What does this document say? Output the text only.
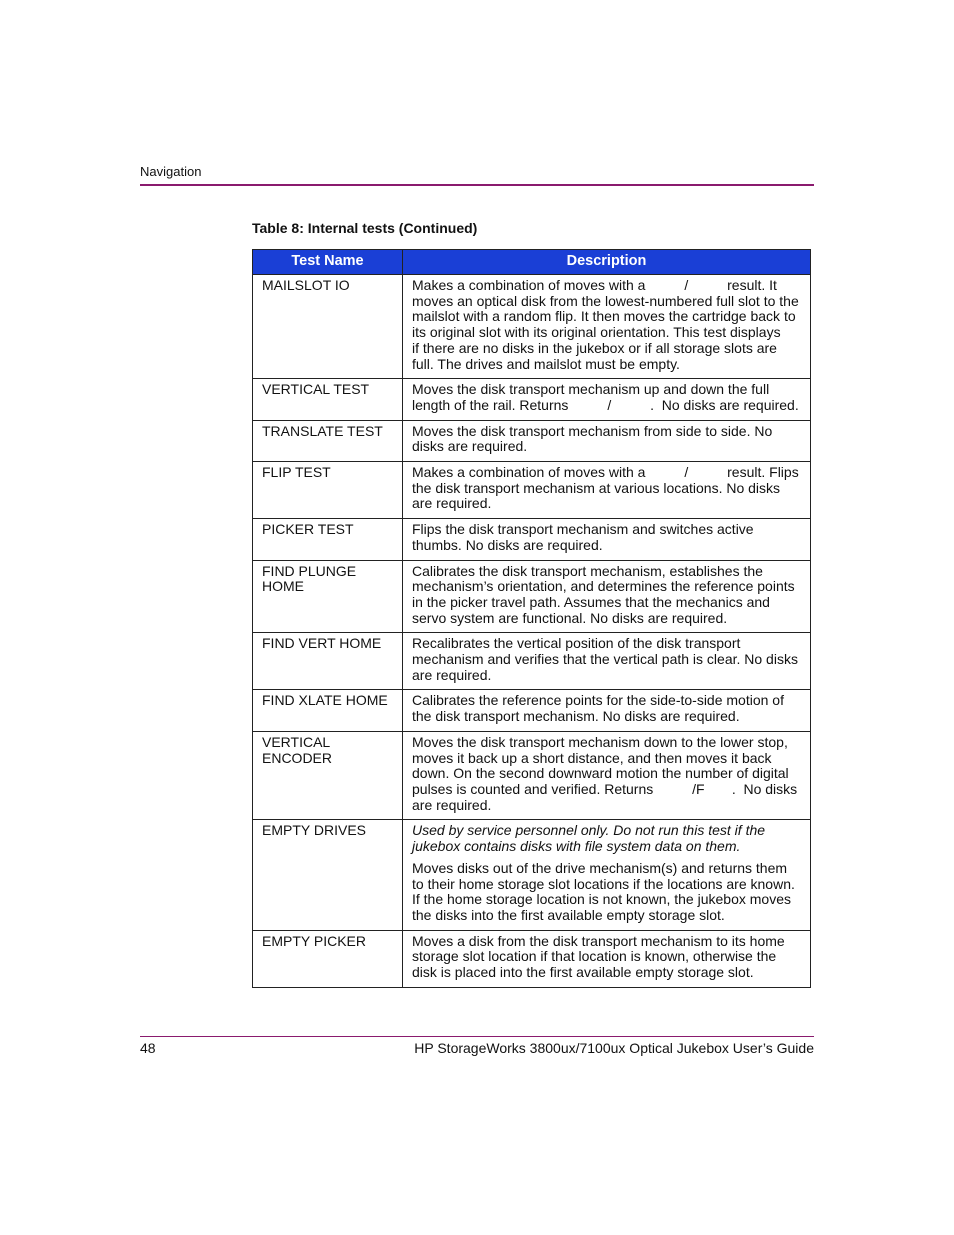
Navigation
Table 8: Internal tests (Continued)
Test Name	Description
MAILSLOT IO	Makes a combination of moves with a          /          result. It moves an optical disk from the lowest-numbered full slot to the mailslot with a random flip. It then moves the cartridge back to its original slot with its original orientation. This test displays          if there are no disks in the jukebox or if all storage slots are full. The drives and mailslot must be empty.

VERTICAL TEST	Moves the disk transport mechanism up and down the full length of the rail. Returns          /          .  No disks are required.

TRANSLATE TEST	Moves the disk transport mechanism from side to side. No disks are required.

FLIP TEST	Makes a combination of moves with a          /          result. Flips the disk transport mechanism at various locations. No disks are required.

PICKER TEST	Flips the disk transport mechanism and switches active thumbs. No disks are required.

FIND PLUNGE HOME	Calibrates the disk transport mechanism, establishes the mechanism’s orientation, and determines the reference points in the picker travel path. Assumes that the mechanics and servo system are functional. No disks are required.

FIND VERT HOME	Recalibrates the vertical position of the disk transport mechanism and verifies that the vertical path is clear. No disks are required.

FIND XLATE HOME	Calibrates the reference points for the side-to-side motion of the disk transport mechanism. No disks are required.

VERTICAL ENCODER	Moves the disk transport mechanism down to the lower stop, moves it back up a short distance, and then moves it back down. On the second downward motion the number of digital pulses is counted and verified. Returns          /F       .  No disks are required.

EMPTY DRIVES	Used by service personnel only. Do not run this test if the jukebox contains disks with file system data on them.

Moves disks out of the drive mechanism(s) and returns them to their home storage slot locations if the locations are known. If the home storage location is not known, the jukebox moves the disks into the first available empty storage slot.

EMPTY PICKER	Moves a disk from the disk transport mechanism to its home storage slot location if that location is known, otherwise the disk is placed into the first available empty storage slot.

48	HP StorageWorks 3800ux/7100ux Optical Jukebox User’s Guide
